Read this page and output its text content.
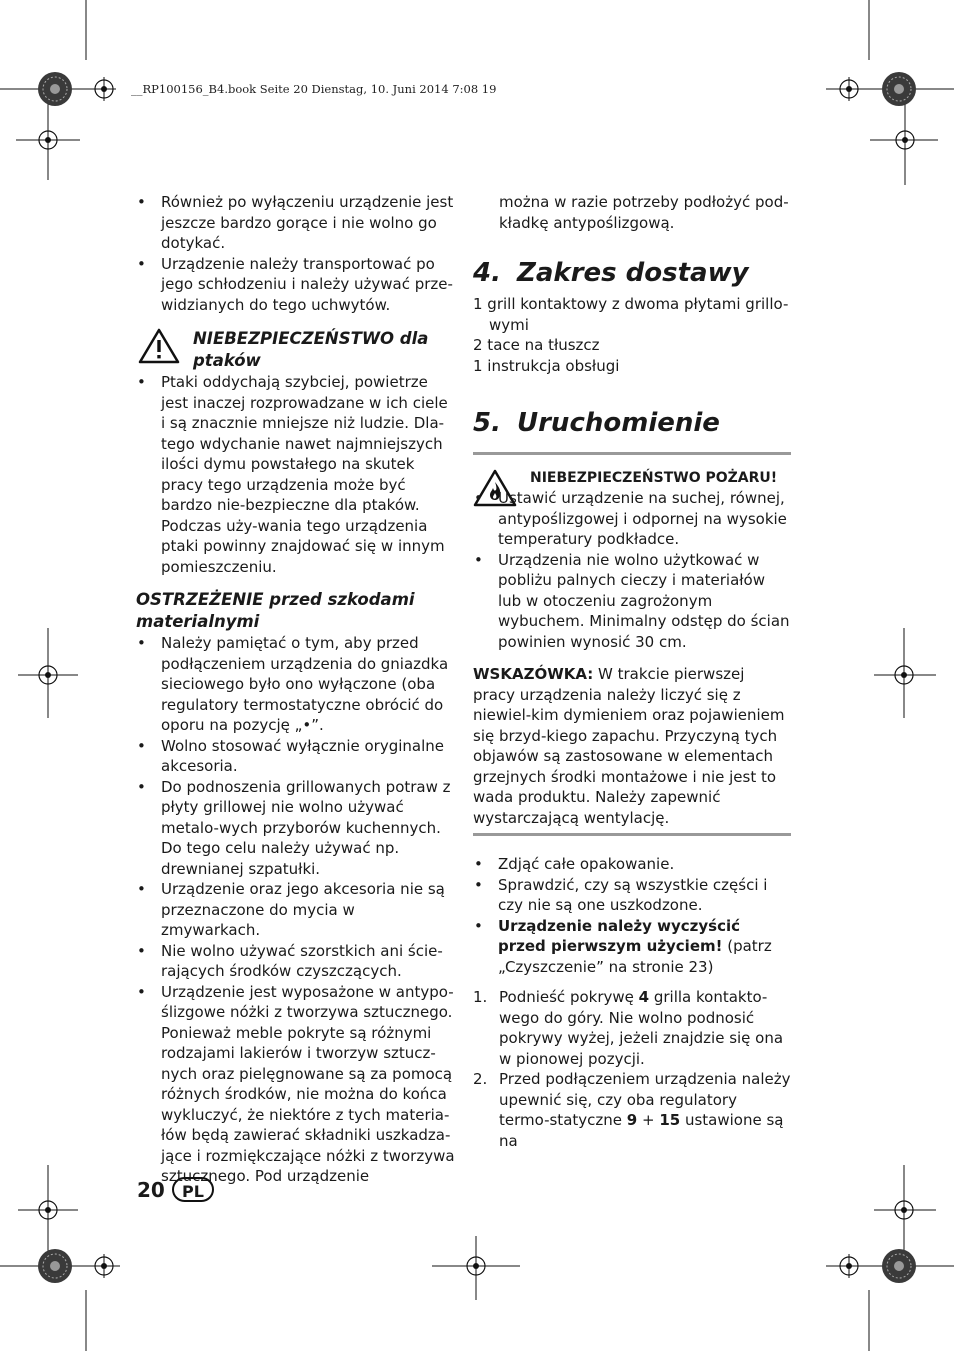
__RP100156_B4.book Seite 20 Dienstag, 10. Juni 2014 7:08 19
• Również po wyłączeniu urządzenie jest jeszcze bardzo gorące i nie wolno go dotykać.
• Urządzenie należy transportować po jego schłodzeniu i należy używać prze-widzianych do tego uchwytów.
NIEBEZPIECZEŃSTWO dla ptaków
• Ptaki oddychają szybciej, powietrze jest inaczej rozprowadzane w ich ciele i są znacznie mniejsze niż ludzie. Dla-tego wdychanie nawet najmniejszych ilości dymu powstałego na skutek pracy tego urządzenia może być bardzo nie-bezpieczne dla ptaków. Podczas uży-wania tego urządzenia ptaki powinny znajdować się w innym pomieszczeniu.
OSTRZEŻENIE przed szkodami materialnymi
• Należy pamiętać o tym, aby przed podłączeniem urządzenia do gniazdka sieciowego było ono wyłączone (oba regulatory termostatyczne obrócić do oporu na pozycję „•”.
• Wolno stosować wyłącznie oryginalne akcesoria.
• Do podnoszenia grillowanych potraw z płyty grillowej nie wolno używać metalo-wych przyborów kuchennych. Do tego celu należy używać np. drewnianej szpatułki.
• Urządzenie oraz jego akcesoria nie są przeznaczone do mycia w zmywarkach.
• Nie wolno używać szorstkich ani ście-rających środków czyszczących.
• Urządzenie jest wyposażone w antypo-ślizgowe nóżki z tworzywa sztucznego. Ponieważ meble pokryte są różnymi rodzajami lakierów i tworzyw sztucz-nych oraz pielęgnowane są za pomocą różnych środków, nie można do końca wykluczyć, że niektóre z tych materia-łów będą zawierać składniki uszkadza-jące i rozmiękczające nóżki z tworzywa sztucznego. Pod urządzenie
można w razie potrzeby podłożyć pod-kładkę antypoślizgową.
4. Zakres dostawy

1 grill kontaktowy z dwoma płytami grillo-wymi

2 tace na tłuszcz

1 instrukcja obsługi

5. Uruchomienie
NIEBEZPIECZEŃSTWO POŻARU!
• Ustawić urządzenie na suchej, równej, antypoślizgowej i odpornej na wysokie temperatury podkładce.
• Urządzenia nie wolno użytkować w pobliżu palnych cieczy i materiałów lub w otoczeniu zagrożonym wybuchem. Minimalny odstęp do ścian powinien wynosić 30 cm.

WSKAZÓWKA: W trakcie pierwszej pracy urządzenia należy liczyć się z niewiel-kim dymieniem oraz pojawieniem się brzyd-kiego zapachu. Przyczyną tych objawów są zastosowane w elementach grzejnych środki montażowe i nie jest to wada produktu. Należy zapewnić wystarczającą wentylację.

• Zdjąć całe opakowanie.
• Sprawdzić, czy są wszystkie części i czy nie są one uszkodzone.
• Urządzenie należy wyczyścić przed pierwszym użyciem! (patrz „Czyszczenie” na stronie 23)
1. Podnieść pokrywę 4 grilla kontakto-wego do góry. Nie wolno podnosić pokrywy wyżej, jeżeli znajdzie się ona w pionowej pozycji.
2. Przed podłączeniem urządzenia należy upewnić się, czy oba regulatory termo-statyczne 9 + 15 ustawione są na
20	PL
